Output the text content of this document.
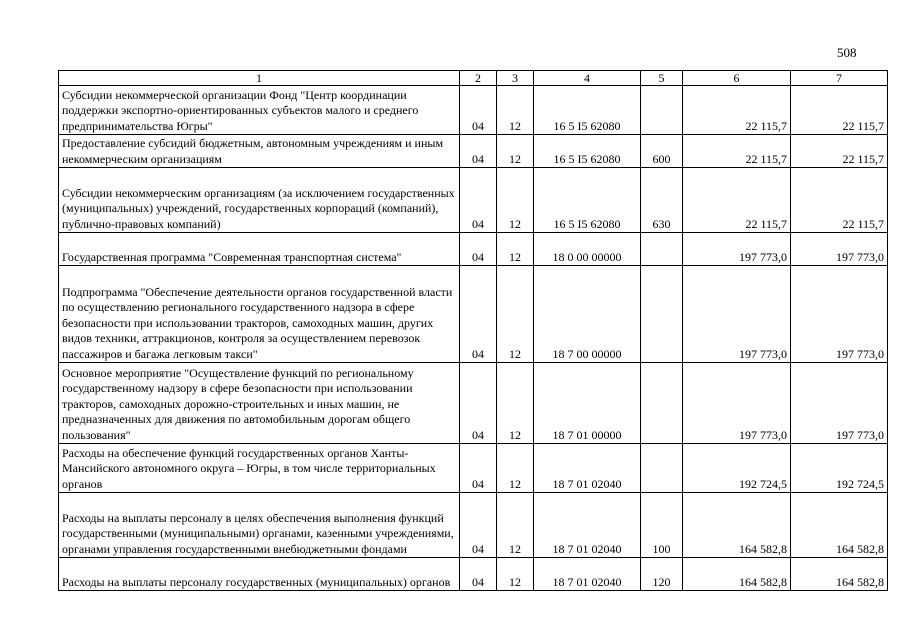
508
1	2	3	4	5	6	7
Субсидии некоммерческой организации Фонд "Центр координации поддержки экспортно-ориентированных субъектов малого и среднего предпринимательства Югры"	04	12	16 5 I5 62080		22 115,7	22 115,7
Предоставление субсидий бюджетным, автономным учреждениям и иным некоммерческим организациям	04	12	16 5 I5 62080	600	22 115,7	22 115,7
Субсидии некоммерческим организациям (за исключением государственных (муниципальных) учреждений, государственных корпораций (компаний), публично-правовых компаний)	04	12	16 5 I5 62080	630	22 115,7	22 115,7
Государственная программа "Современная транспортная система"	04	12	18 0 00 00000		197 773,0	197 773,0
Подпрограмма "Обеспечение деятельности органов государственной власти по осуществлению регионального государственного надзора в сфере безопасности при использовании тракторов, самоходных машин, других видов техники, аттракционов, контроля за осуществлением перевозок пассажиров и багажа легковым такси"	04	12	18 7 00 00000		197 773,0	197 773,0
Основное мероприятие "Осуществление функций по региональному государственному надзору в сфере безопасности при использовании тракторов, самоходных дорожно-строительных и иных машин, не предназначенных для движения по автомобильным дорогам общего пользования"	04	12	18 7 01 00000		197 773,0	197 773,0
Расходы на обеспечение функций государственных органов Ханты-Мансийского автономного округа – Югры, в том числе территориальных органов	04	12	18 7 01 02040		192 724,5	192 724,5
Расходы на выплаты персоналу в целях обеспечения выполнения функций государственными (муниципальными) органами, казенными учреждениями, органами управления государственными внебюджетными фондами	04	12	18 7 01 02040	100	164 582,8	164 582,8
Расходы на выплаты персоналу государственных (муниципальных) органов	04	12	18 7 01 02040	120	164 582,8	164 582,8
